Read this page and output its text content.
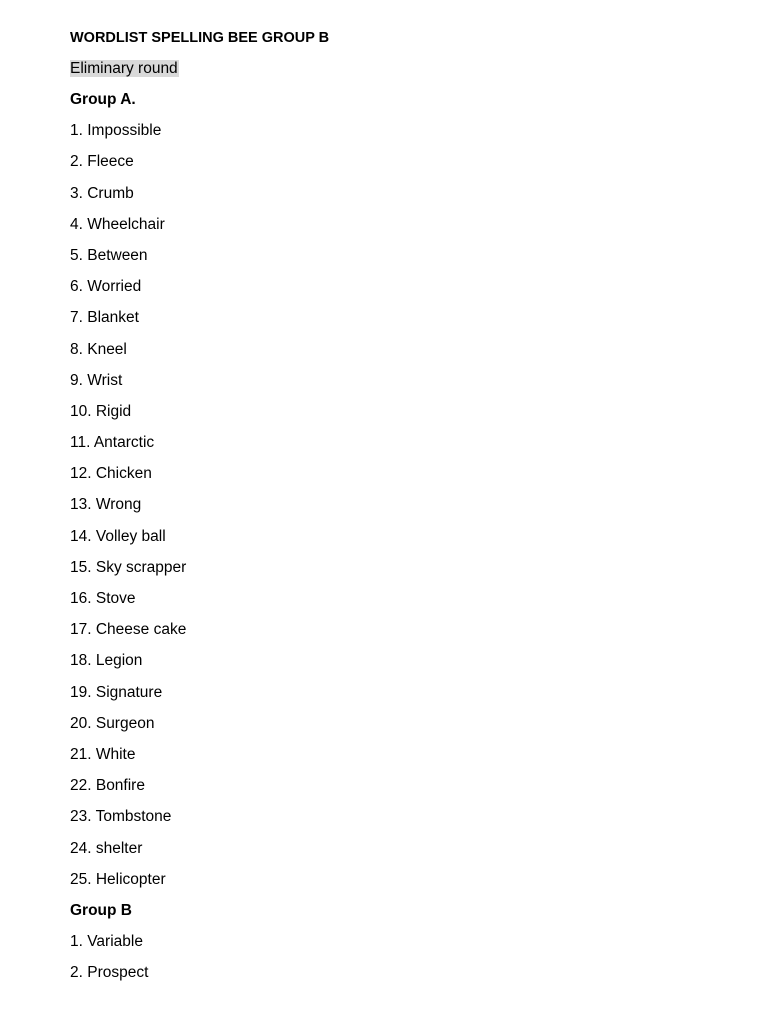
WORDLIST SPELLING BEE GROUP B
Eliminary round
Group A.
1. Impossible
2. Fleece
3. Crumb
4. Wheelchair
5. Between
6. Worried
7. Blanket
8. Kneel
9. Wrist
10. Rigid
11. Antarctic
12. Chicken
13. Wrong
14. Volley ball
15. Sky scrapper
16. Stove
17. Cheese cake
18. Legion
19. Signature
20. Surgeon
21. White
22. Bonfire
23. Tombstone
24. shelter
25. Helicopter
Group B
1. Variable
2. Prospect
